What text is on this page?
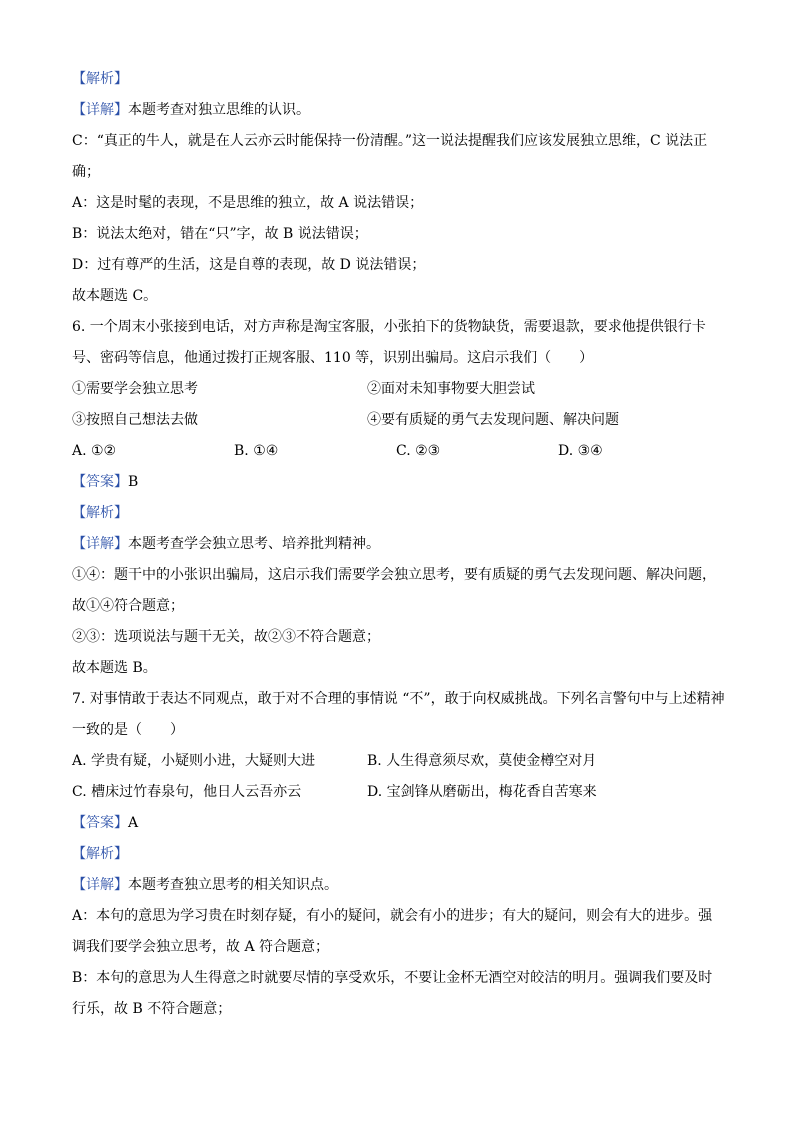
【解析】
【详解】本题考查对独立思维的认识。
C：“真正的牛人，就是在人云亦云时能保持一份清醒。”这一说法提醒我们应该发展独立思维，C 说法正
确；
A：这是时髦的表现，不是思维的独立，故 A 说法错误；
B：说法太绝对，错在“只”字，故 B 说法错误；
D：过有尊严的生活，这是自尊的表现，故 D 说法错误；
故本题选 C。
6. 一个周末小张接到电话，对方声称是淘宝客服，小张拍下的货物缺货，需要退款，要求他提供银行卡
号、密码等信息，他通过拨打正规客服、110 等，识别出骗局。这启示我们（　　）
①需要学会独立思考	②面对未知事物要大胆尝试
③按照自己想法去做	④要有质疑的勇气去发现问题、解决问题
A. ①②	B. ①④	C. ②③	D. ③④
【答案】B
【解析】
【详解】本题考查学会独立思考、培养批判精神。
①④：题干中的小张识出骗局，这启示我们需要学会独立思考，要有质疑的勇气去发现问题、解决问题，
故①④符合题意；
②③：选项说法与题干无关，故②③不符合题意；
故本题选 B。
7. 对事情敢于表达不同观点，敢于对不合理的事情说 “不”，敢于向权威挑战。下列名言警句中与上述精神
一致的是（　　）
A. 学贵有疑，小疑则小进，大疑则大进	B. 人生得意须尽欢，莫使金樽空对月
C. 槽床过竹春泉句，他日人云吾亦云	D. 宝剑锋从磨砺出，梅花香自苦寒来
【答案】A
【解析】
【详解】本题考查独立思考的相关知识点。
A：本句的意思为学习贵在时刻存疑，有小的疑问，就会有小的进步；有大的疑问，则会有大的进步。强
调我们要学会独立思考，故 A 符合题意；
B：本句的意思为人生得意之时就要尽情的享受欢乐，不要让金杯无酒空对皎洁的明月。强调我们要及时
行乐，故 B 不符合题意；
